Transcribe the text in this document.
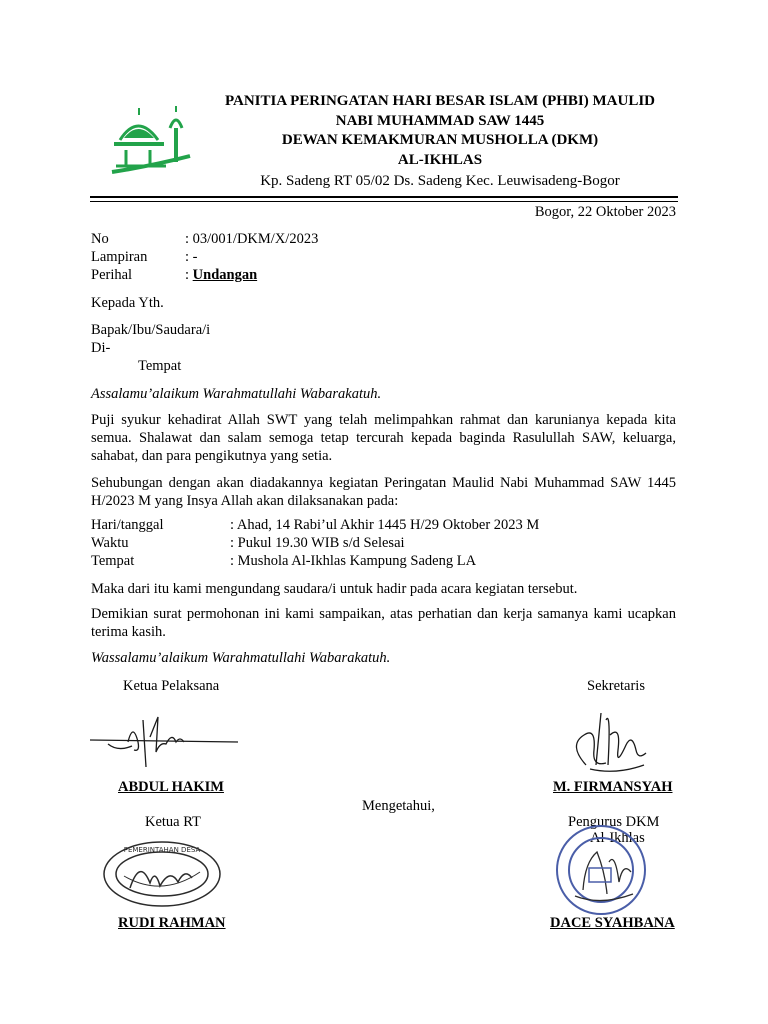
PANITIA PERINGATAN HARI BESAR ISLAM (PHBI) MAULID
NABI MUHAMMAD SAW 1445
DEWAN KEMAKMURAN MUSHOLLA (DKM)
AL-IKHLAS
Kp. Sadeng RT 05/02 Ds. Sadeng Kec. Leuwisadeng-Bogor
Bogor, 22 Oktober 2023
No	: 03/001/DKM/X/2023
Lampiran	: -
Perihal	: Undangan
Kepada Yth.
Bapak/Ibu/Saudara/i
Di-
Tempat
Assalamu’alaikum Warahmatullahi Wabarakatuh.
Puji syukur kehadirat Allah SWT yang telah melimpahkan rahmat dan karunianya kepada kita semua. Shalawat dan salam semoga tetap tercurah kepada baginda Rasulullah SAW, keluarga, sahabat, dan para pengikutnya yang setia.
Sehubungan dengan akan diadakannya kegiatan Peringatan Maulid Nabi Muhammad SAW 1445 H/2023 M yang Insya Allah akan dilaksanakan pada:
Hari/tanggal	: Ahad, 14 Rabi’ul Akhir 1445 H/29 Oktober 2023 M
Waktu	: Pukul 19.30 WIB s/d Selesai
Tempat	: Mushola Al-Ikhlas Kampung Sadeng LA
Maka dari itu kami mengundang saudara/i untuk hadir pada acara kegiatan tersebut.
Demikian surat permohonan ini kami sampaikan, atas perhatian dan kerja samanya kami ucapkan terima kasih.
Wassalamu’alaikum Warahmatullahi Wabarakatuh.
Ketua Pelaksana	Sekretaris
ABDUL HAKIM	M. FIRMANSYAH
Mengetahui,
Ketua RT	Pengurus DKM
Al-Ikhlas
PEMERINTAHAN DESA
RUDI RAHMAN	DACE SYAHBANA
